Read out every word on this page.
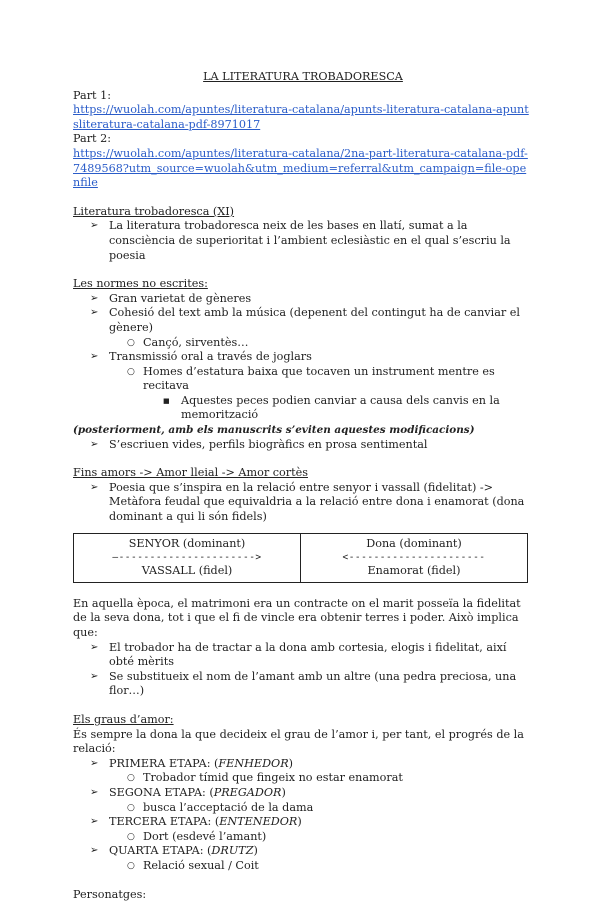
LA LITERATURA TROBADORESCA

Part 1:

https://wuolah.com/apuntes/literatura-catalana/apunts-literatura-catalana-apuntsliteratura-catalana-pdf-8971017

Part 2:

https://wuolah.com/apuntes/literatura-catalana/2na-part-literatura-catalana-pdf-7489568?utm_source=wuolah&utm_medium=referral&utm_campaign=file-openfile

Literatura trobadoresca (XI)
➢ La literatura trobadoresca neix de les bases en llatí, sumat a la consciència de superioritat i l’ambient eclesiàstic en el qual s’escriu la poesia
Les normes no escrites:
➢ Gran varietat de gèneres
➢ Cohesió del text amb la música (depenent del contingut ha de canviar el gènere)
○ Cançó, sirventès…
➢ Transmissió oral a través de joglars
○ Homes d’estatura baixa que tocaven un instrument mentre es recitava
■ Aquestes peces podien canviar a causa dels canvis en la memorització
(posteriorment, amb els manuscrits s’eviten aquestes modificacions)
➢ S’escriuen vides, perfils biogràfics en prosa sentimental
Fins amors -> Amor lleial -> Amor cortès
➢ Poesia que s’inspira en la relació entre senyor i vassall (fidelitat) -> Metàfora feudal que equivaldria a la relació entre dona i enamorat (dona dominant a qui li són fidels)
SENYOR (dominant)
—---------------------->
VASSALL (fidel)

Dona (dominant)
<----------------------
Enamorat (fidel)

En aquella època, el matrimoni era un contracte on el marit posseïa la fidelitat de la seva dona, tot i que el fi de vincle era obtenir terres i poder. Això implica que:

➢ El trobador ha de tractar a la dona amb cortesia, elogis i fidelitat, així obté mèrits
➢ Se substitueix el nom de l’amant amb un altre (una pedra preciosa, una flor…)
Els graus d’amor:

És sempre la dona la que decideix el grau de l’amor i, per tant, el progrés de la relació:

➢ PRIMERA ETAPA: (FENHEDOR)
○ Trobador tímid que fingeix no estar enamorat
➢ SEGONA ETAPA: (PREGADOR)
○ busca l’acceptació de la dama
➢ TERCERA ETAPA: (ENTENEDOR)
○ Dort (esdevé l’amant)
➢ QUARTA ETAPA: (DRUTZ)
○ Relació sexual / Coit

Personatges:
